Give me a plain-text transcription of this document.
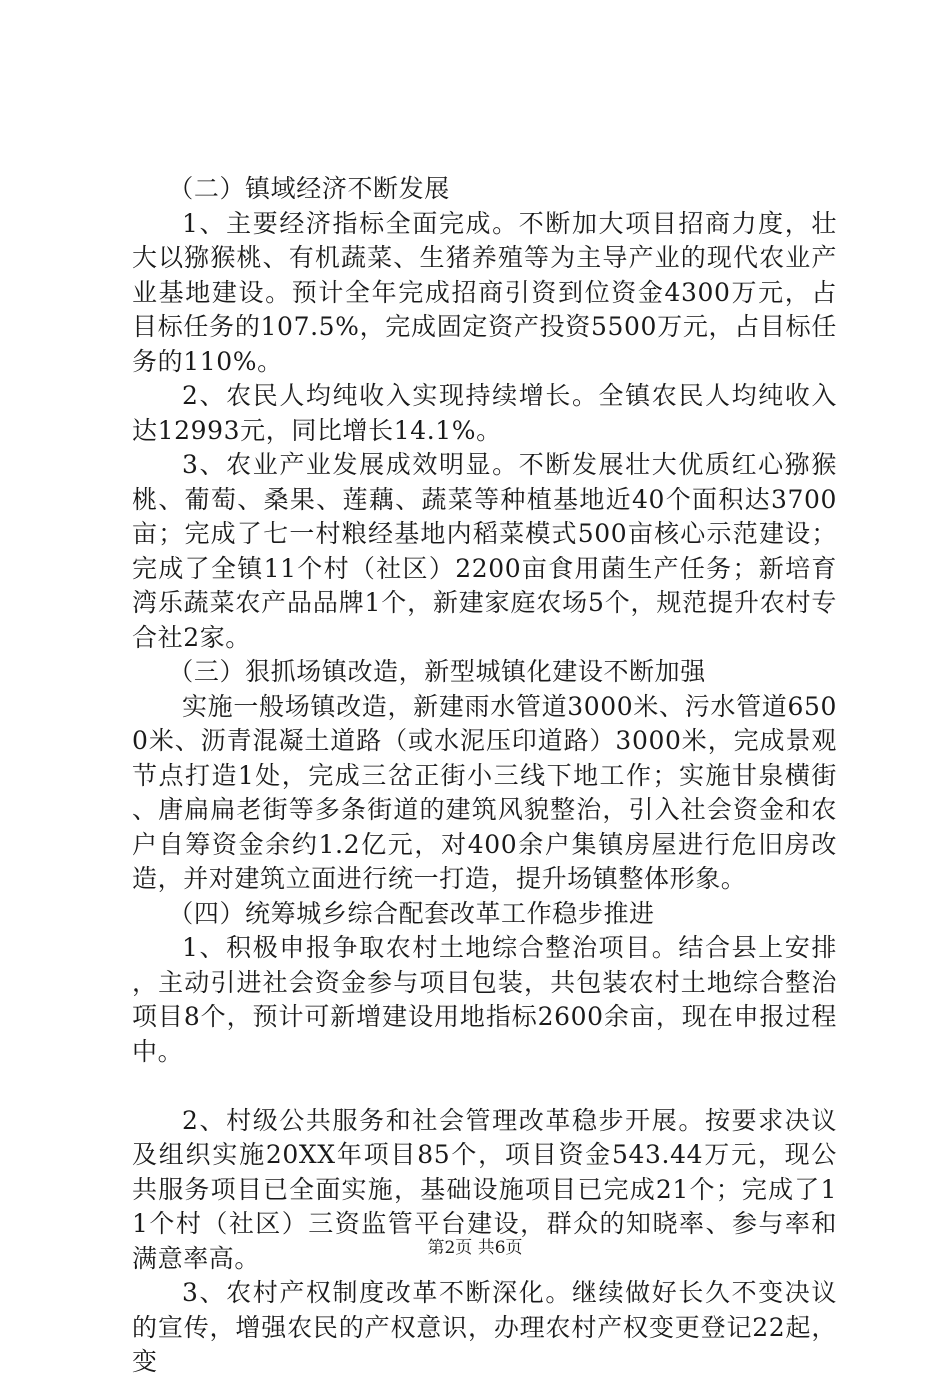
（二）镇域经济不断发展

1、主要经济指标全面完成。不断加大项目招商力度，壮大以猕猴桃、有机蔬菜、生猪养殖等为主导产业的现代农业产业基地建设。预计全年完成招商引资到位资金4300万元，占目标任务的107.5%，完成固定资产投资5500万元，占目标任务的110%。

2、农民人均纯收入实现持续增长。全镇农民人均纯收入达12993元，同比增长14.1%。

3、农业产业发展成效明显。不断发展壮大优质红心猕猴桃、葡萄、桑果、莲藕、蔬菜等种植基地近40个面积达3700亩；完成了七一村粮经基地内稻菜模式500亩核心示范建设；完成了全镇11个村（社区）2200亩食用菌生产任务；新培育湾乐蔬菜农产品品牌1个，新建家庭农场5个，规范提升农村专合社2家。

（三）狠抓场镇改造，新型城镇化建设不断加强

实施一般场镇改造，新建雨水管道3000米、污水管道6500米、沥青混凝土道路（或水泥压印道路）3000米，完成景观节点打造1处，完成三岔正街小三线下地工作；实施甘泉横街、唐扁扁老街等多条街道的建筑风貌整治，引入社会资金和农户自筹资金余约1.2亿元，对400余户集镇房屋进行危旧房改造，并对建筑立面进行统一打造，提升场镇整体形象。

（四）统筹城乡综合配套改革工作稳步推进

1、积极申报争取农村土地综合整治项目。结合县上安排，主动引进社会资金参与项目包装，共包装农村土地综合整治项目8个，预计可新增建设用地指标2600余亩，现在申报过程中。

2、村级公共服务和社会管理改革稳步开展。按要求决议及组织实施20XX年项目85个，项目资金543.44万元，现公共服务项目已全面实施，基础设施项目已完成21个；完成了11个村（社区）三资监管平台建设，群众的知晓率、参与率和满意率高。

3、农村产权制度改革不断深化。继续做好长久不变决议的宣传，增强农民的产权意识，办理农村产权变更登记22起，变

第2页 共6页
